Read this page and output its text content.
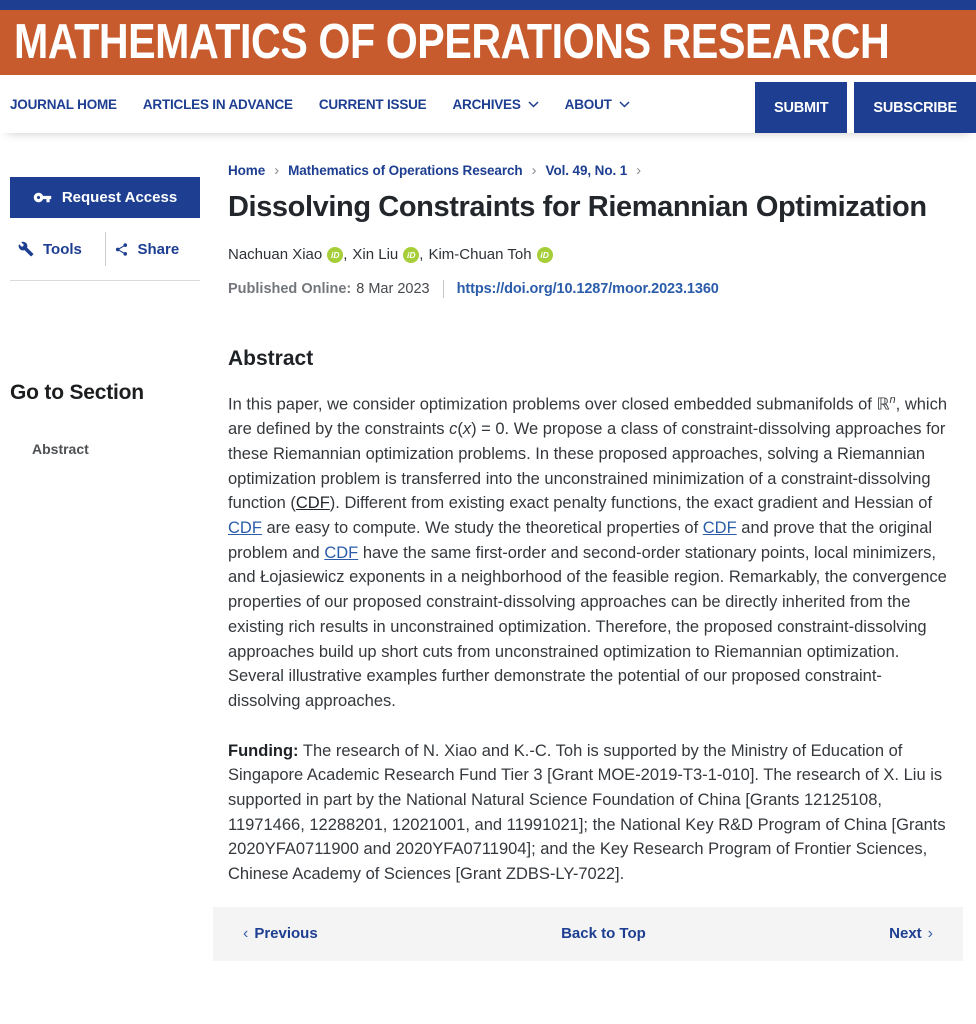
MATHEMATICS OF OPERATIONS RESEARCH
JOURNAL HOME ARTICLES IN ADVANCE CURRENT ISSUE ARCHIVES	ABOUT	SUBMIT	SUBSCRIBE
Request Access
Tools	Share
Go to Section
Abstract
Home › Mathematics of Operations Research › Vol. 49, No. 1 ›
Dissolving Constraints for Riemannian Optimization
Nachuan Xiao	iD , Xin Liu	iD , Kim-Chuan Toh	iD
Published Online: 8 Mar 2023 https://doi.org/10.1287/moor.2023.1360
Abstract

In this paper, we consider optimization problems over closed embedded submanifolds of ℝ$^n$, which are defined by the constraints c(x) = 0. We propose a class of constraint-dissolving approaches for these Riemannian optimization problems. In these proposed approaches, solving a Riemannian optimization problem is transferred into the unconstrained minimization of a constraint-dissolving function (CDF). Different from existing exact penalty functions, the exact gradient and Hessian of CDF are easy to compute. We study the theoretical properties of CDF and prove that the original problem and CDF have the same first-order and second-order stationary points, local minimizers, and Łojasiewicz exponents in a neighborhood of the feasible region. Remarkably, the convergence properties of our proposed constraint-dissolving approaches can be directly inherited from the existing rich results in unconstrained optimization. Therefore, the proposed constraint-dissolving approaches build up short cuts from unconstrained optimization to Riemannian optimization. Several illustrative examples further demonstrate the potential of our proposed constraint-dissolving approaches.

Funding: The research of N. Xiao and K.-C. Toh is supported by the Ministry of Education of Singapore Academic Research Fund Tier 3 [Grant MOE-2019-T3-1-010]. The research of X. Liu is supported in part by the National Natural Science Foundation of China [Grants 12125108, 11971466, 12288201, 12021001, and 11991021]; the National Key R&D Program of China [Grants 2020YFA0711900 and 2020YFA0711904]; and the Key Research Program of Frontier Sciences, Chinese Academy of Sciences [Grant ZDBS-LY-7022].

‹ Previous	Back to Top	Next ›
